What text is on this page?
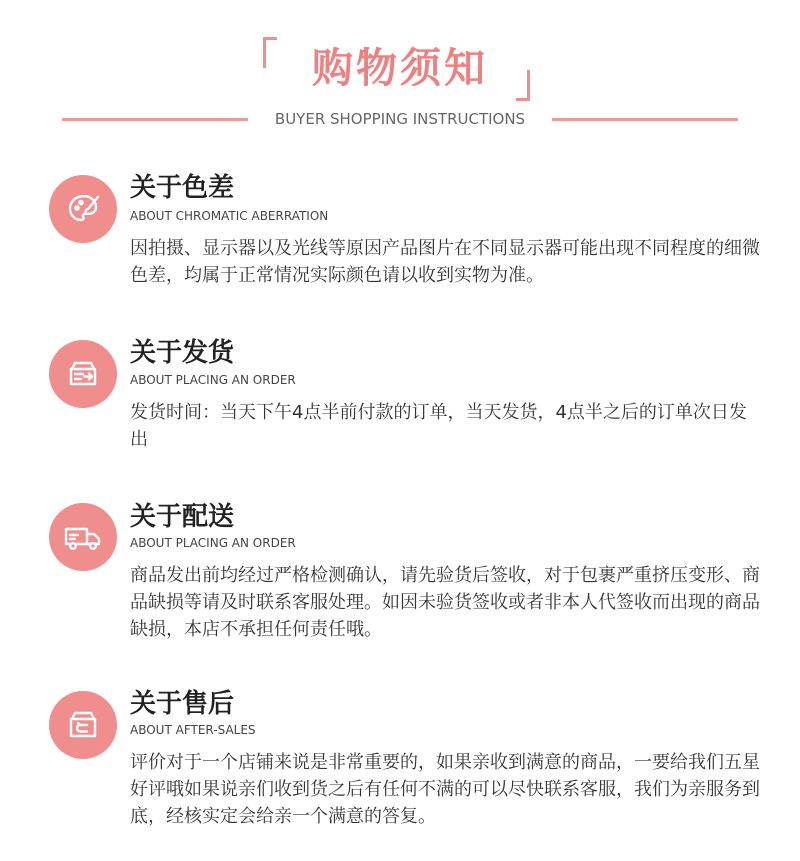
购物须知
BUYER SHOPPING INSTRUCTIONS
关于色差
ABOUT CHROMATIC ABERRATION
因拍摄、显示器以及光线等原因产品图片在不同显示器可能出现不同程度的细微色差，均属于正常情况实际颜色请以收到实物为准。
关于发货
ABOUT PLACING AN ORDER
发货时间：当天下午4点半前付款的订单，当天发货，4点半之后的订单次日发出
关于配送
ABOUT PLACING AN ORDER
商品发出前均经过严格检测确认，请先验货后签收，对于包裹严重挤压变形、商品缺损等请及时联系客服处理。如因未验货签收或者非本人代签收而出现的商品缺损，本店不承担任何责任哦。
关于售后
ABOUT AFTER-SALES
评价对于一个店铺来说是非常重要的，如果亲收到满意的商品，一要给我们五星好评哦如果说亲们收到货之后有任何不满的可以尽快联系客服，我们为亲服务到底，经核实定会给亲一个满意的答复。
